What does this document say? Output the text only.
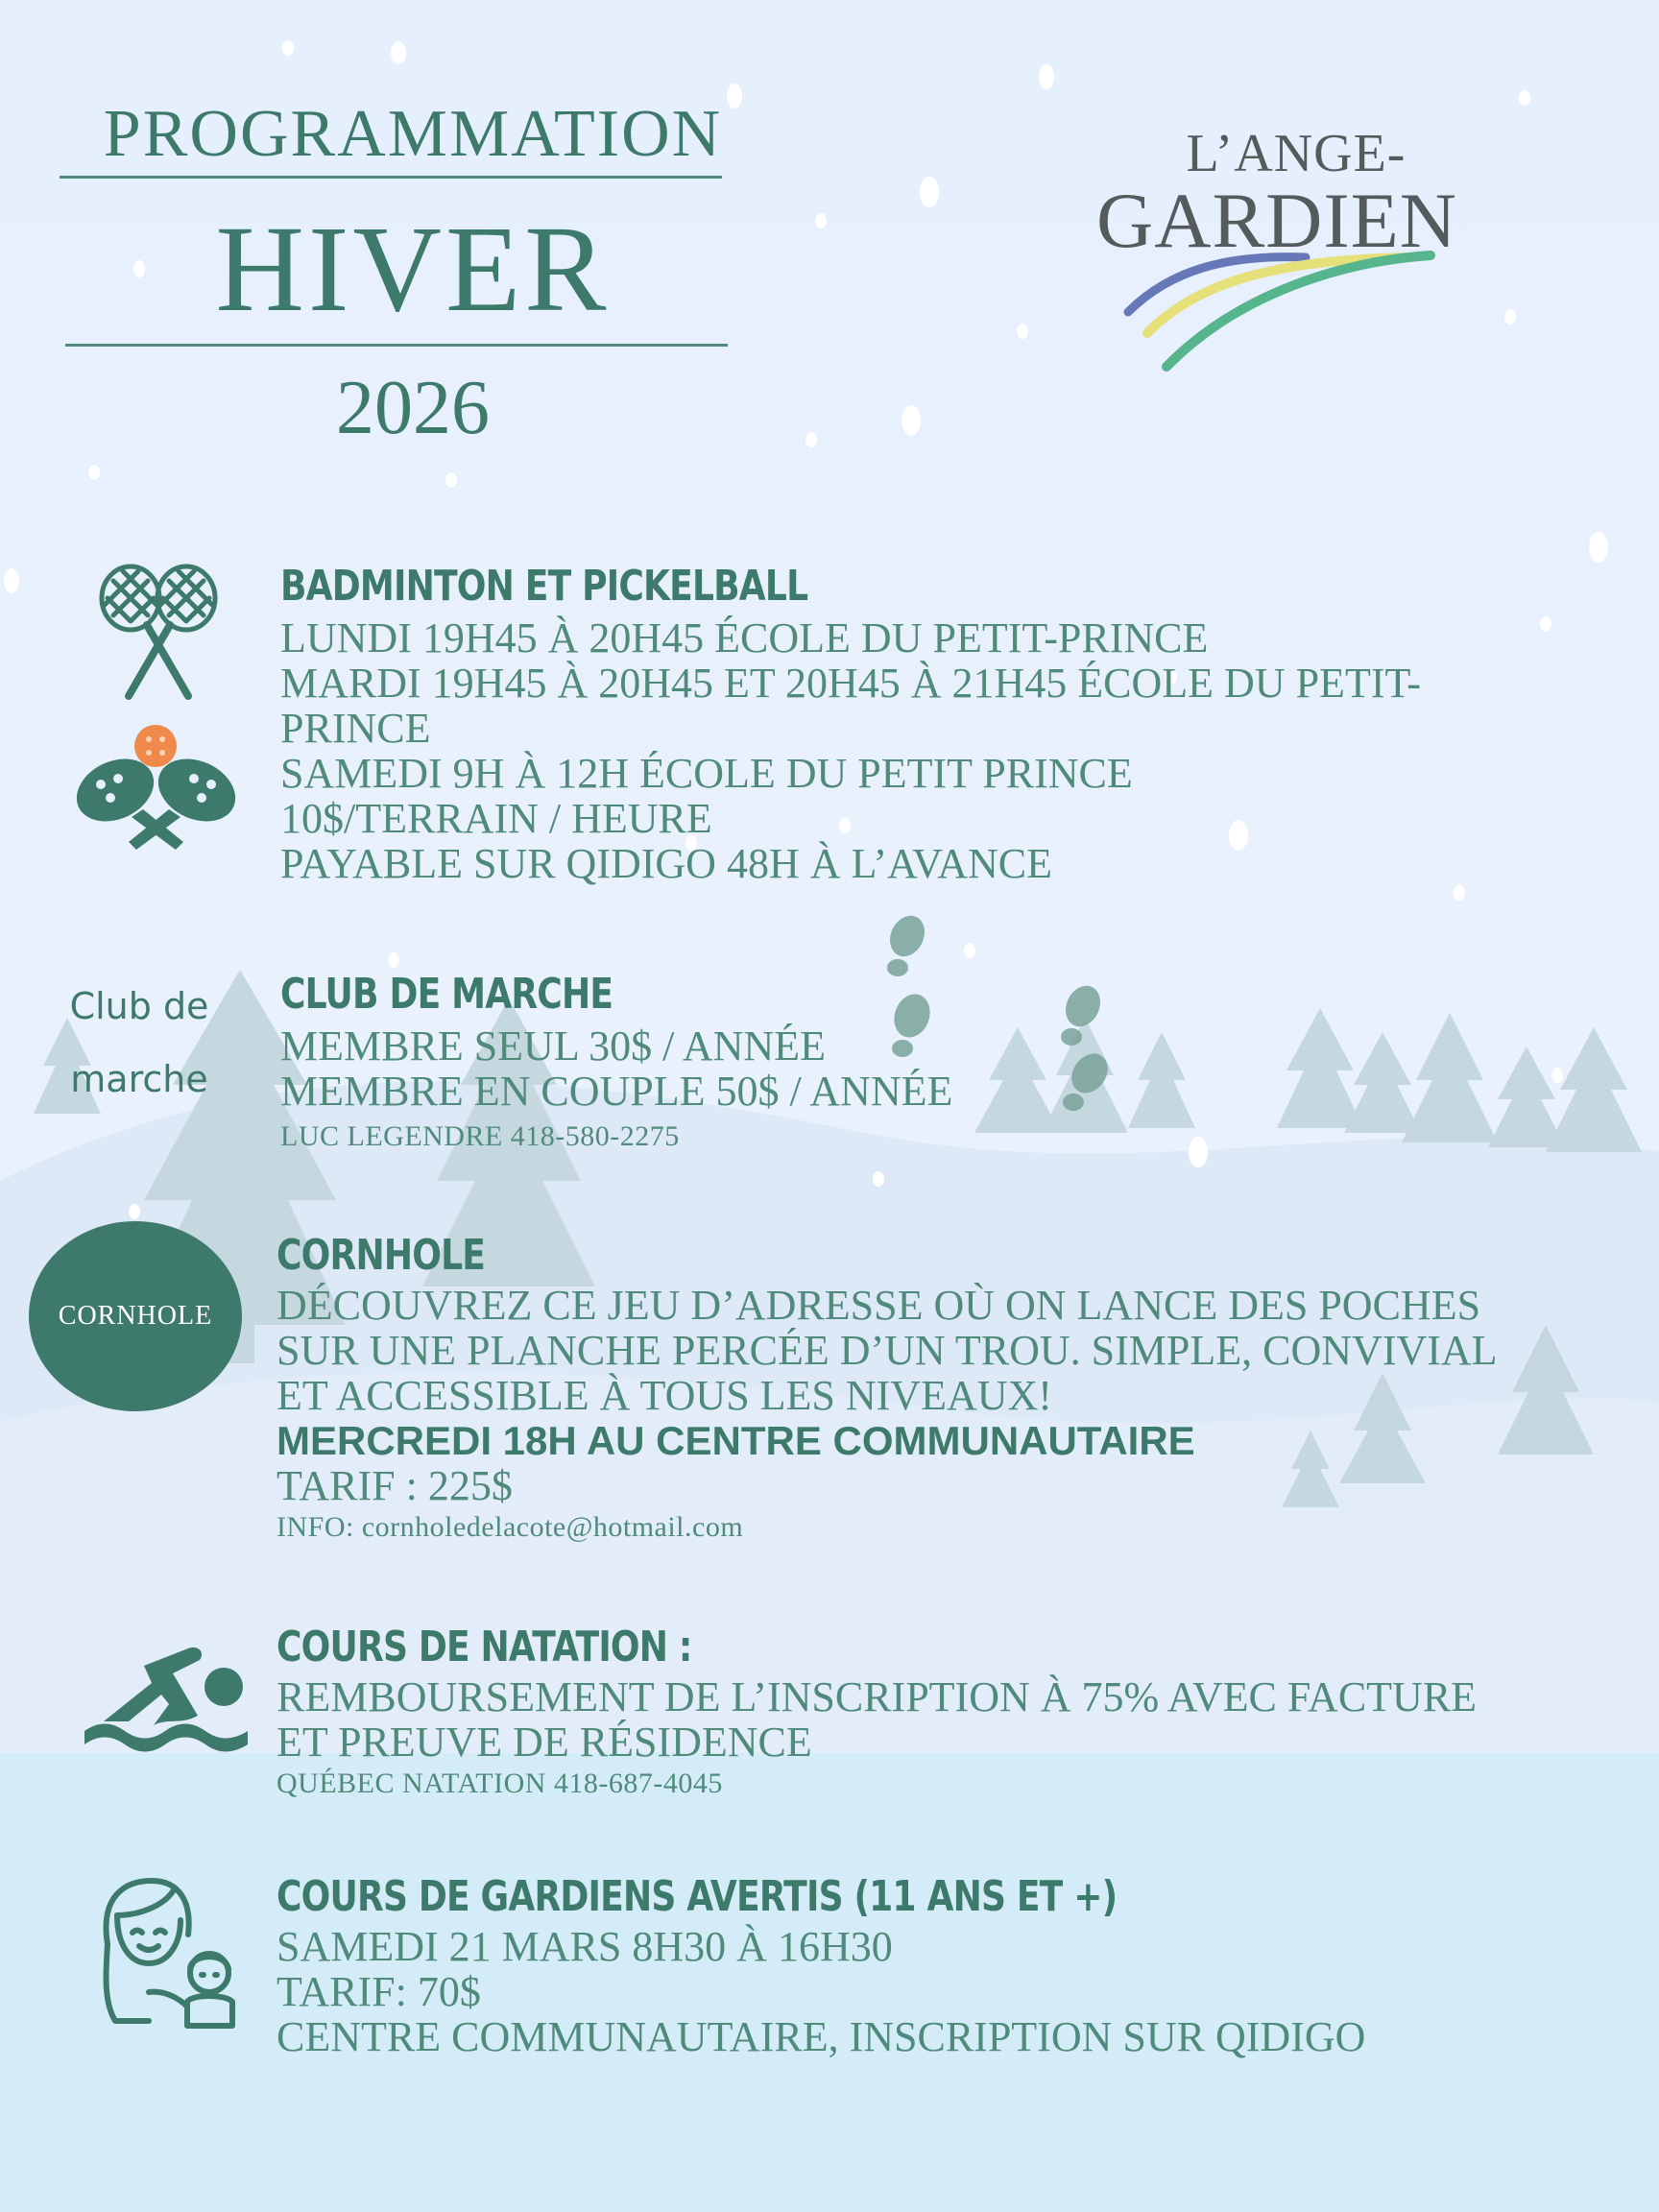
PROGRAMMATION
HIVER
2026
L’ANGE-
GARDIEN
BADMINTON ET PICKELBALL
LUNDI 19H45 À 20H45 ÉCOLE DU PETIT-PRINCE
MARDI 19H45 À 20H45 ET 20H45 À 21H45 ÉCOLE DU PETIT-
PRINCE
SAMEDI 9H À 12H ÉCOLE DU PETIT PRINCE
10$/TERRAIN / HEURE
PAYABLE SUR QIDIGO 48H À L’AVANCE
Club de
marche
CLUB DE MARCHE
MEMBRE SEUL 30$ / ANNÉE
MEMBRE EN COUPLE 50$ / ANNÉE
LUC LEGENDRE 418-580-2275
CORNHOLE
CORNHOLE
DÉCOUVREZ CE JEU D’ADRESSE OÙ ON LANCE DES POCHES
SUR UNE PLANCHE PERCÉE D’UN TROU. SIMPLE, CONVIVIAL
ET ACCESSIBLE À TOUS LES NIVEAUX!
MERCREDI 18H AU CENTRE COMMUNAUTAIRE
TARIF : 225$
INFO: cornholedelacote@hotmail.com
COURS DE NATATION :
REMBOURSEMENT DE L’INSCRIPTION À 75% AVEC FACTURE
ET PREUVE DE RÉSIDENCE
QUÉBEC NATATION 418-687-4045
COURS DE GARDIENS AVERTIS (11 ANS ET +)
SAMEDI 21 MARS 8H30 À 16H30
TARIF: 70$
CENTRE COMMUNAUTAIRE, INSCRIPTION SUR QIDIGO
